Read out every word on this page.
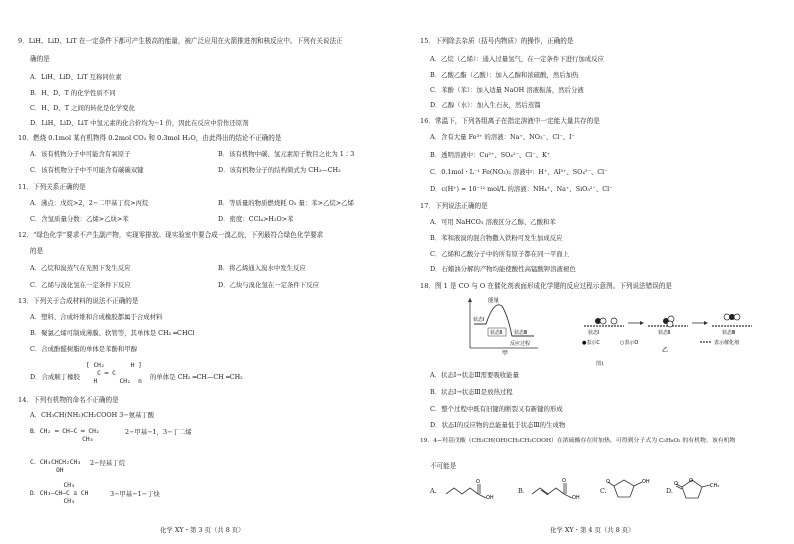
9．LiH、LiD、LiT 在一定条件下都可产生极高的能量，被广泛应用在火箭推进剂和核反应中。下列有关说法正
确的是
A．LiH、LiD、LiT 互称同位素
B．H、D、T 的化学性质不同
C．H、D、T 之间的转化是化学变化
D．LiH、LiD、LiT 中氢元素的化合价均为−1 价，因此在反应中常作还原剂
10．燃烧 0.1mol 某有机物得 0.2mol CO₂ 和 0.3mol H₂O，由此得出的结论不正确的是
A．该有机物分子中可能含有氧原子	B．该有机物中碳、氢元素原子数目之比为 1∶3
C．该有机物分子中不可能含有碳碳双键	D．该有机物分子的结构简式为 CH₃—CH₃
11．下列关系正确的是
A．沸点：戊烷>2，2−二甲基丁烷>丙烷	B．等质量的物质燃烧耗 O₂ 量：苯>乙烷>乙烯
C．含氢质量分数：乙烯>乙炔>苯	D．密度：CCl₄>H₂O>苯
12．“绿色化学”要求不产生副产物，实现零排放。现实验室中要合成一溴乙烷，下列最符合绿色化学要求
的是
A．乙烷和溴蒸气在光照下发生反应	B．将乙烯通入溴水中发生反应
C．乙烯与溴化氢在一定条件下反应	D．乙炔与溴化氢在一定条件下反应
13．下列关于合成材料的说法不正确的是
A．塑料、合成纤维和合成橡胶都属于合成材料
B．聚氯乙烯可制成薄膜、软管等，其单体是 CH₂ ═CHCl
C．合成酚醛树脂的单体是苯酚和甲醇
D．合成顺丁橡胶
[ CH₂       H ]
C ═ C
H      CH₂  n
的单体是 CH₂ ═CH—CH ═CH₂
14．下列有机物的命名不正确的是
A．CH₃CH(NH₂)CH₂COOH 3−氨基丁酸
B．CH₂ ═ CH—C ═ CH₂
CH₃
2−甲基−1，3−丁二烯
C．CH₃CHCH₂CH₃
OH
2−羟基丁烷
CH₃
D．CH₃—CH—C ≡ CH
CH₃
3−甲基−1−丁炔
化学 XY・第 3 页（共 8 页）
15．下列除去杂质（括号内物质）的操作，正确的是
A．乙烷（乙烯）：通入过量氢气，在一定条件下进行加成反应
B．乙酸乙酯（乙酸）：加入乙醇和浓硫酸，然后加热
C．苯酚（苯）：加入适量 NaOH 溶液振荡，然后分液
D．乙醇（水）：加入生石灰，然后蒸馏
16．常温下，下列各组离子在指定溶液中一定能大量共存的是
A．含有大量 Fe³⁺ 的溶液：Na⁺、NO₃⁻、Cl⁻、I⁻
B．透明溶液中：Cu²⁺、SO₄²⁻、Cl⁻、K⁺
C．0.1mol・L⁻¹ Fe(NO₃)₂ 溶液中：H⁺、Al³⁺、SO₄²⁻、Cl⁻
D．c(H⁺) = 10⁻¹² mol/L 的溶液：NH₄⁺、Na⁺、SiO₃²⁻、Cl⁻
17．下列说法正确的是
A．可用 NaHCO₃ 溶液区分乙醇、乙酸和苯
B．苯和液溴的混合物撒入铁粉可发生加成反应
C．乙烯和乙酸分子中的所有原子都在同一平面上
D．石蜡油分解的产物均能使酸性高锰酸钾溶液褪色
18．图 1 是 CO 与 O 在催化剂表面形成化学键的反应过程示意图。下列说法错误的是
能量
状态Ⅰ
状态Ⅱ 状态Ⅲ
反应过程
甲
状态Ⅰ	状态Ⅱ	状态Ⅲ
●表示C	○表示O	表示催化剂
乙
图1
A．状态Ⅰ→状态Ⅲ需要吸收能量
B．状态Ⅰ→状态Ⅲ是放热过程
C．整个过程中既有旧键的断裂又有新键的形成
D．状态Ⅰ的反应物的总能量低于状态Ⅲ的生成物
19．4−羟基戊酸（CH₃CH(OH)CH₂CH₂COOH）在浓硫酸存在时加热，可得到分子式为 C₅H₈O₂ 的有机物，该有机物
不可能是
A.
O
OH
B.
O
OH
C.
O	OH
D.
O
O	CH₃
化学 XY・第 4 页（共 8 页）
